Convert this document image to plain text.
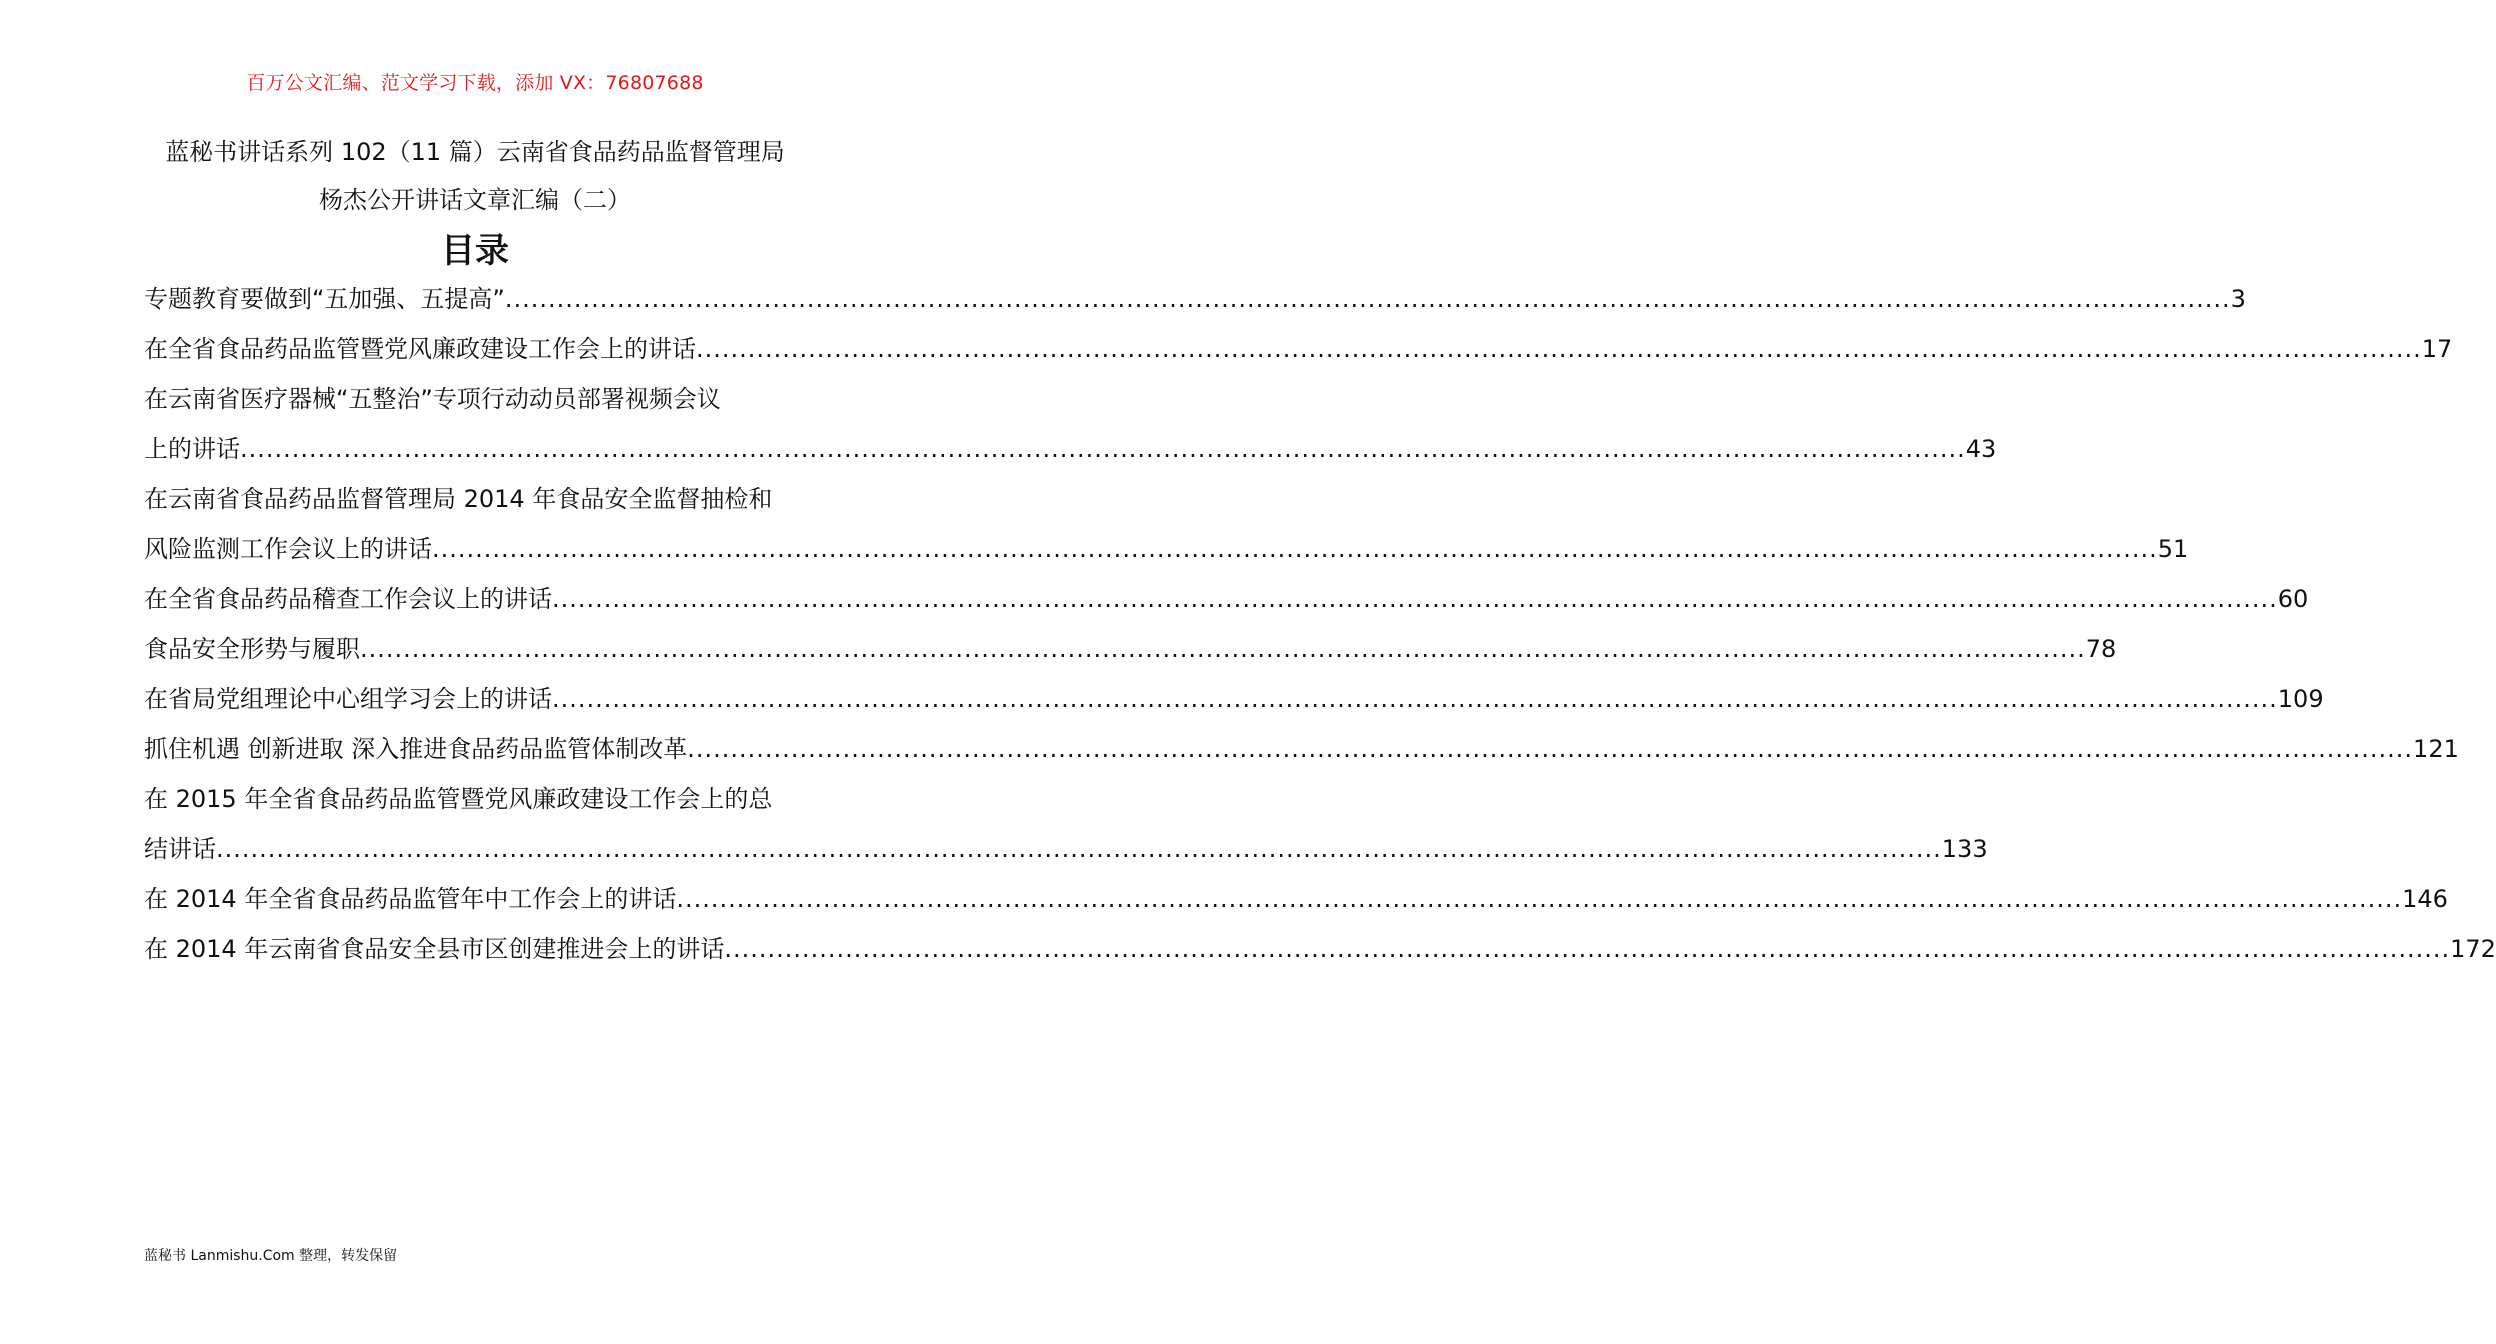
百万公文汇编、范文学习下载，添加 VX：76807688
蓝秘书讲话系列 102（11 篇）云南省食品药品监督管理局
杨杰公开讲话文章汇编（二）
目录
专题教育要做到“五加强、五提高” ........................................................................................................................................................................................................ 3
在全省食品药品监管暨党风廉政建设工作会上的讲话 ........................................................................................................................................................................................................ 17
在云南省医疗器械“五整治”专项行动动员部署视频会议
上的讲话 ........................................................................................................................................................................................................ 43
在云南省食品药品监督管理局 2014 年食品安全监督抽检和
风险监测工作会议上的讲话 ........................................................................................................................................................................................................ 51
在全省食品药品稽查工作会议上的讲话 ........................................................................................................................................................................................................ 60
食品安全形势与履职 ........................................................................................................................................................................................................ 78
在省局党组理论中心组学习会上的讲话 ........................................................................................................................................................................................................ 109
抓住机遇 创新进取 深入推进食品药品监管体制改革 ........................................................................................................................................................................................................ 121
在 2015 年全省食品药品监管暨党风廉政建设工作会上的总
结讲话 ........................................................................................................................................................................................................ 133
在 2014 年全省食品药品监管年中工作会上的讲话 ........................................................................................................................................................................................................ 146
在 2014 年云南省食品安全县市区创建推进会上的讲话 ........................................................................................................................................................................................................ 172
蓝秘书 Lanmishu.Com 整理，转发保留
